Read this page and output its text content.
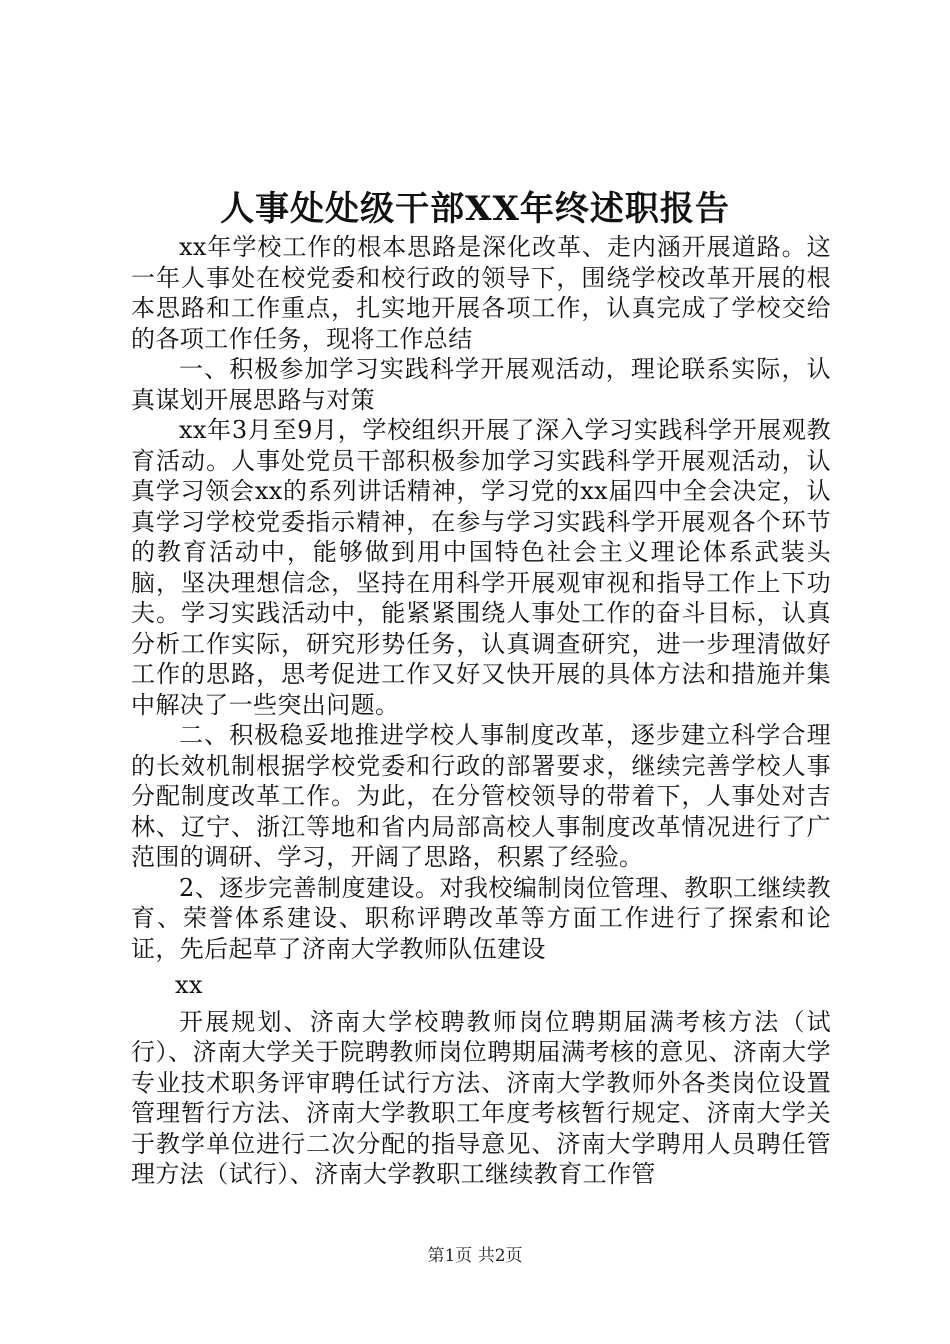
人事处处级干部XX年终述职报告

xx年学校工作的根本思路是深化改革、走内涵开展道路。这一年人事处在校党委和校行政的领导下，围绕学校改革开展的根本思路和工作重点，扎实地开展各项工作，认真完成了学校交给的各项工作任务，现将工作总结

一、积极参加学习实践科学开展观活动，理论联系实际，认真谋划开展思路与对策

xx年3月至9月，学校组织开展了深入学习实践科学开展观教育活动。人事处党员干部积极参加学习实践科学开展观活动，认真学习领会xx的系列讲话精神，学习党的xx届四中全会决定，认真学习学校党委指示精神，在参与学习实践科学开展观各个环节的教育活动中，能够做到用中国特色社会主义理论体系武装头脑，坚决理想信念，坚持在用科学开展观审视和指导工作上下功夫。学习实践活动中，能紧紧围绕人事处工作的奋斗目标，认真分析工作实际，研究形势任务，认真调查研究，进一步理清做好工作的思路，思考促进工作又好又快开展的具体方法和措施并集中解决了一些突出问题。

二、积极稳妥地推进学校人事制度改革，逐步建立科学合理的长效机制根据学校党委和行政的部署要求，继续完善学校人事分配制度改革工作。为此，在分管校领导的带着下，人事处对吉林、辽宁、浙江等地和省内局部高校人事制度改革情况进行了广范围的调研、学习，开阔了思路，积累了经验。

2、逐步完善制度建设。对我校编制岗位管理、教职工继续教育、荣誉体系建设、职称评聘改革等方面工作进行了探索和论证，先后起草了济南大学教师队伍建设

xx

开展规划、济南大学校聘教师岗位聘期届满考核方法（试行）、济南大学关于院聘教师岗位聘期届满考核的意见、济南大学专业技术职务评审聘任试行方法、济南大学教师外各类岗位设置管理暂行方法、济南大学教职工年度考核暂行规定、济南大学关于教学单位进行二次分配的指导意见、济南大学聘用人员聘任管理方法（试行）、济南大学教职工继续教育工作管

第1页 共2页
